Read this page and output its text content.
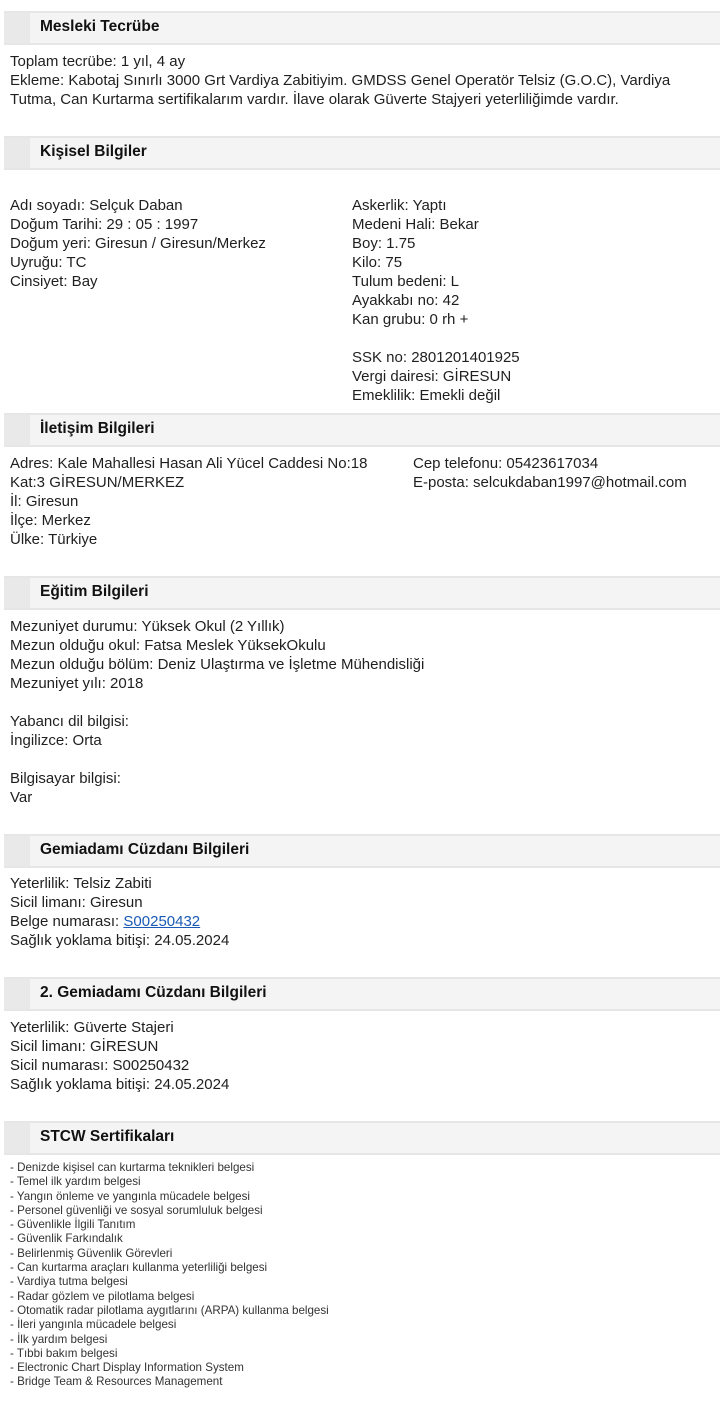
Mesleki Tecrübe
Toplam tecrübe: 1 yıl, 4 ay
Ekleme: Kabotaj Sınırlı 3000 Grt Vardiya Zabitiyim. GMDSS Genel Operatör Telsiz (G.O.C), Vardiya Tutma, Can Kurtarma sertifikalarım vardır. İlave olarak Güverte Stajyeri yeterliliğimde vardır.
Kişisel Bilgiler
Adı soyadı: Selçuk Daban
Doğum Tarihi: 29 : 05 : 1997
Doğum yeri: Giresun / Giresun/Merkez
Uyruğu: TC
Cinsiyet: Bay
Askerlik: Yaptı
Medeni Hali: Bekar
Boy: 1.75
Kilo: 75
Tulum bedeni: L
Ayakkabı no: 42
Kan grubu: 0 rh +
SSK no: 2801201401925
Vergi dairesi: GİRESUN
Emeklilik: Emekli değil
İletişim Bilgileri
Adres: Kale Mahallesi Hasan Ali Yücel Caddesi No:18
Kat:3 GİRESUN/MERKEZ
İl: Giresun
İlçe: Merkez
Ülke: Türkiye
Cep telefonu: 05423617034
E-posta: selcukdaban1997@hotmail.com
Eğitim Bilgileri
Mezuniyet durumu: Yüksek Okul (2 Yıllık)
Mezun olduğu okul: Fatsa Meslek YüksekOkulu
Mezun olduğu bölüm: Deniz Ulaştırma ve İşletme Mühendisliği
Mezuniyet yılı: 2018
Yabancı dil bilgisi:
İngilizce: Orta
Bilgisayar bilgisi:
Var
Gemiadamı Cüzdanı Bilgileri
Yeterlilik: Telsiz Zabiti
Sicil limanı: Giresun
Belge numarası: S00250432
Sağlık yoklama bitişi: 24.05.2024
2. Gemiadamı Cüzdanı Bilgileri
Yeterlilik: Güverte Stajeri
Sicil limanı: GİRESUN
Sicil numarası: S00250432
Sağlık yoklama bitişi: 24.05.2024
STCW Sertifikaları
- Denizde kişisel can kurtarma teknikleri belgesi
- Temel ilk yardım belgesi
- Yangın önleme ve yangınla mücadele belgesi
- Personel güvenliği ve sosyal sorumluluk belgesi
- Güvenlikle İlgili Tanıtım
- Güvenlik Farkındalık
- Belirlenmiş Güvenlik Görevleri
- Can kurtarma araçları kullanma yeterliliği belgesi
- Vardiya tutma belgesi
- Radar gözlem ve pilotlama belgesi
- Otomatik radar pilotlama aygıtlarını (ARPA) kullanma belgesi
- İleri yangınla mücadele belgesi
- İlk yardım belgesi
- Tıbbi bakım belgesi
- Electronic Chart Display Information System
- Bridge Team & Resources Management
